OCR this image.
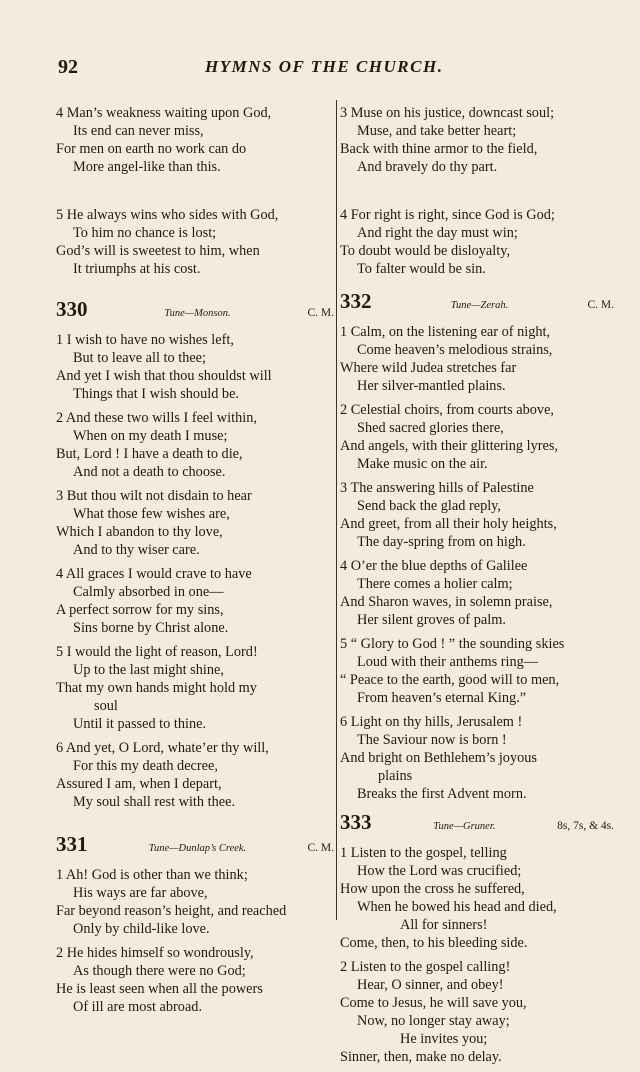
92	HYMNS OF THE CHURCH.
4 Man’s weakness waiting upon God,
Its end can never miss,
For men on earth no work can do
More angel-like than this.
5 He always wins who sides with God,
To him no chance is lost;
God’s will is sweetest to him, when
It triumphs at his cost.
330	Tune—Monson.	C. M.
1 I wish to have no wishes left,
But to leave all to thee;
And yet I wish that thou shouldst will
Things that I wish should be.
2 And these two wills I feel within,
When on my death I muse;
But, Lord ! I have a death to die,
And not a death to choose.
3 But thou wilt not disdain to hear
What those few wishes are,
Which I abandon to thy love,
And to thy wiser care.
4 All graces I would crave to have
Calmly absorbed in one—
A perfect sorrow for my sins,
Sins borne by Christ alone.
5 I would the light of reason, Lord!
Up to the last might shine,
That my own hands might hold my
soul
Until it passed to thine.
6 And yet, O Lord, whate’er thy will,
For this my death decree,
Assured I am, when I depart,
My soul shall rest with thee.
331	Tune—Dunlap’s Creek.	C. M.
1 Ah! God is other than we think;
His ways are far above,
Far beyond reason’s height, and reached
Only by child-like love.
2 He hides himself so wondrously,
As though there were no God;
He is least seen when all the powers
Of ill are most abroad.
3 Muse on his justice, downcast soul;
Muse, and take better heart;
Back with thine armor to the field,
And bravely do thy part.
4 For right is right, since God is God;
And right the day must win;
To doubt would be disloyalty,
To falter would be sin.
332	Tune—Zerah.	C. M.
1 Calm, on the listening ear of night,
Come heaven’s melodious strains,
Where wild Judea stretches far
Her silver-mantled plains.
2 Celestial choirs, from courts above,
Shed sacred glories there,
And angels, with their glittering lyres,
Make music on the air.
3 The answering hills of Palestine
Send back the glad reply,
And greet, from all their holy heights,
The day-spring from on high.
4 O’er the blue depths of Galilee
There comes a holier calm;
And Sharon waves, in solemn praise,
Her silent groves of palm.
5 “ Glory to God ! ” the sounding skies
Loud with their anthems ring—
“ Peace to the earth, good will to men,
From heaven’s eternal King.”
6 Light on thy hills, Jerusalem !
The Saviour now is born !
And bright on Bethlehem’s joyous
plains
Breaks the first Advent morn.
333	Tune—Gruner.	8s, 7s, & 4s.
1 Listen to the gospel, telling
How the Lord was crucified;
How upon the cross he suffered,
When he bowed his head and died,
All for sinners!
Come, then, to his bleeding side.
2 Listen to the gospel calling!
Hear, O sinner, and obey!
Come to Jesus, he will save you,
Now, no longer stay away;
He invites you;
Sinner, then, make no delay.
